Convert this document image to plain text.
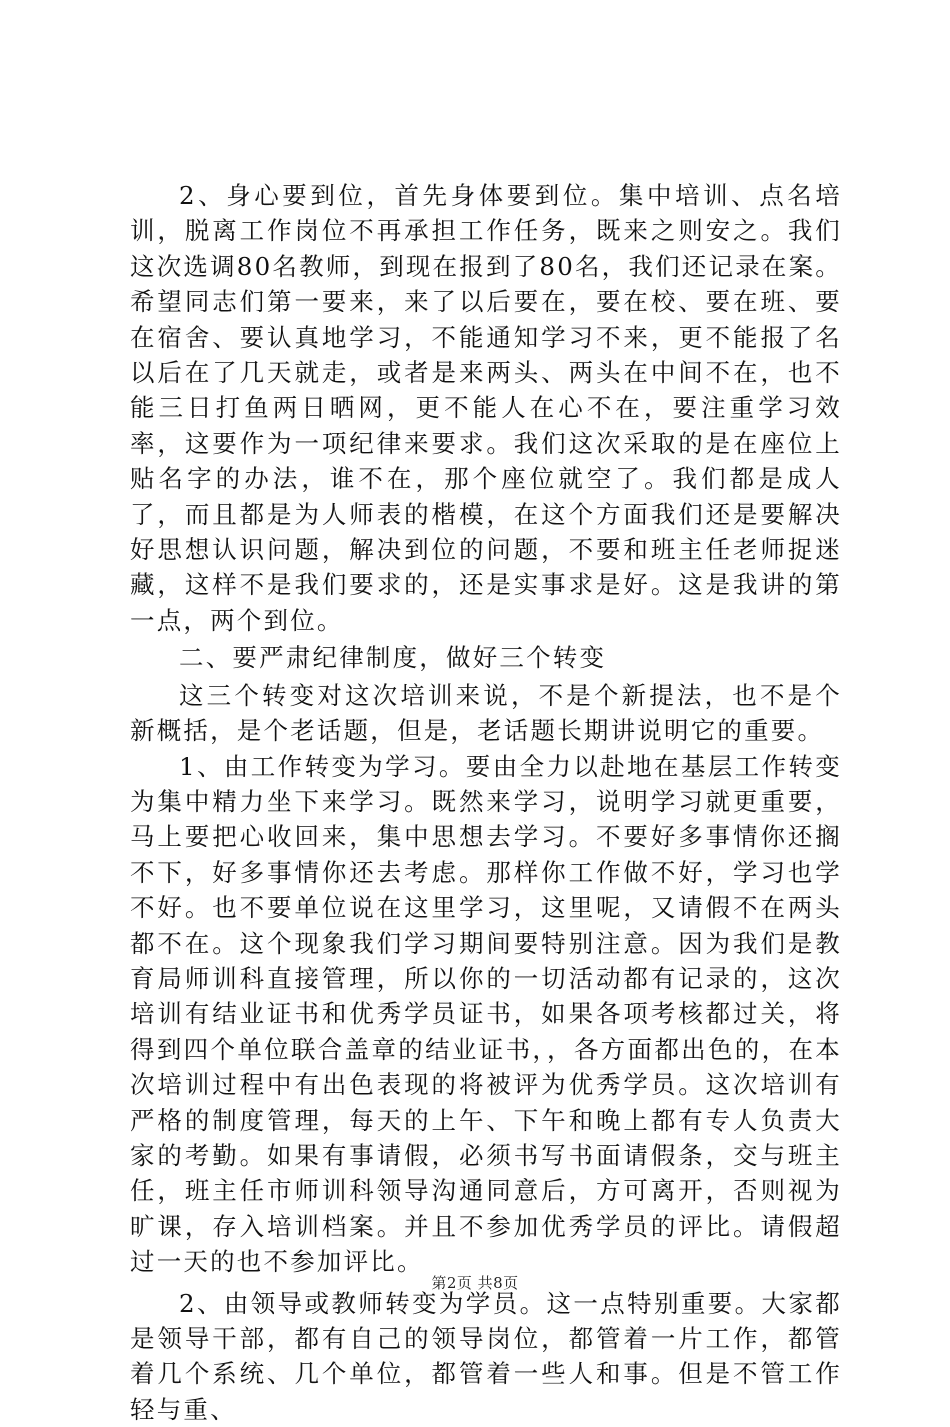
2、身心要到位，首先身体要到位。集中培训、点名培训，脱离工作岗位不再承担工作任务，既来之则安之。我们这次选调80名教师，到现在报到了80名，我们还记录在案。希望同志们第一要来，来了以后要在，要在校、要在班、要在宿舍、要认真地学习，不能通知学习不来，更不能报了名以后在了几天就走，或者是来两头、两头在中间不在，也不能三日打鱼两日晒网，更不能人在心不在，要注重学习效率，这要作为一项纪律来要求。我们这次采取的是在座位上贴名字的办法，谁不在，那个座位就空了。我们都是成人了，而且都是为人师表的楷模，在这个方面我们还是要解决好思想认识问题，解决到位的问题，不要和班主任老师捉迷藏，这样不是我们要求的，还是实事求是好。这是我讲的第一点，两个到位。

二、要严肃纪律制度，做好三个转变

这三个转变对这次培训来说，不是个新提法，也不是个新概括，是个老话题，但是，老话题长期讲说明它的重要。

1、由工作转变为学习。要由全力以赴地在基层工作转变为集中精力坐下来学习。既然来学习，说明学习就更重要，马上要把心收回来，集中思想去学习。不要好多事情你还搁不下，好多事情你还去考虑。那样你工作做不好，学习也学不好。也不要单位说在这里学习，这里呢，又请假不在两头都不在。这个现象我们学习期间要特别注意。因为我们是教育局师训科直接管理，所以你的一切活动都有记录的，这次培训有结业证书和优秀学员证书，如果各项考核都过关，将得到四个单位联合盖章的结业证书，，各方面都出色的，在本次培训过程中有出色表现的将被评为优秀学员。这次培训有严格的制度管理，每天的上午、下午和晚上都有专人负责大家的考勤。如果有事请假，必须书写书面请假条，交与班主任，班主任市师训科领导沟通同意后，方可离开，否则视为旷课，存入培训档案。并且不参加优秀学员的评比。请假超过一天的也不参加评比。

2、由领导或教师转变为学员。这一点特别重要。大家都是领导干部，都有自己的领导岗位，都管着一片工作，都管着几个系统、几个单位，都管着一些人和事。但是不管工作轻与重、

第2页 共8页
